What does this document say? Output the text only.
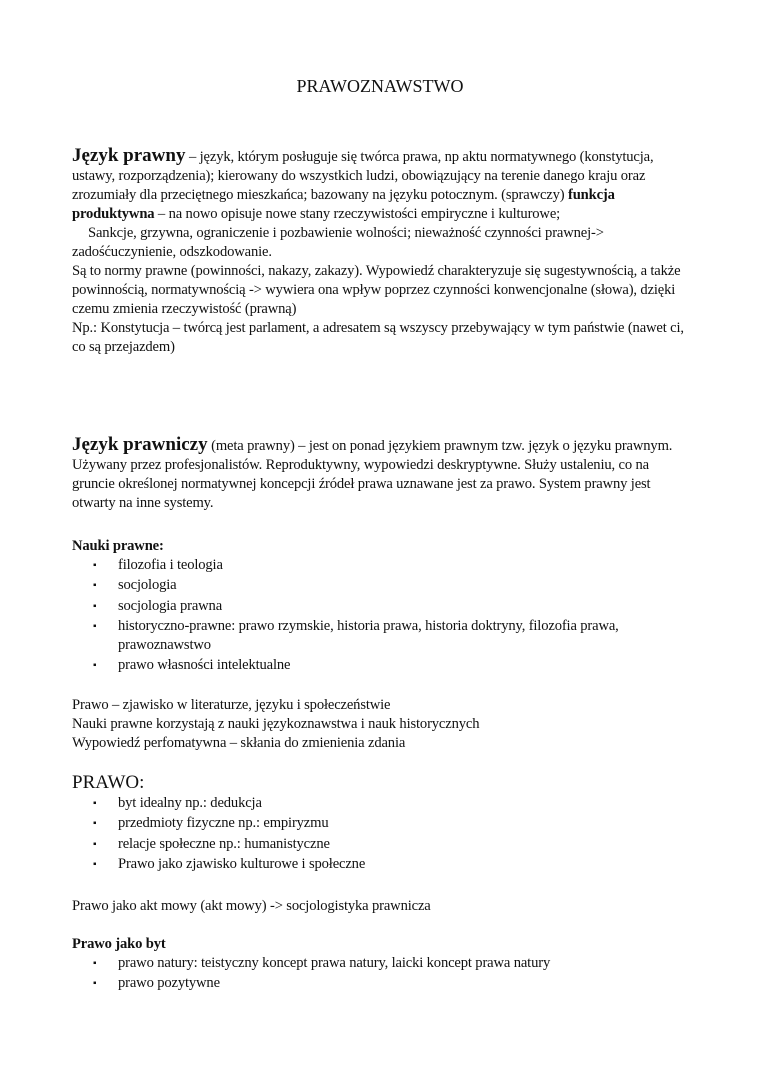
PRAWOZNAWSTWO

Język prawny – język, którym posługuje się twórca prawa, np aktu normatywnego (konstytucja, ustawy, rozporządzenia); kierowany do wszystkich ludzi, obowiązujący na terenie danego kraju oraz zrozumiały dla przeciętnego mieszkańca; bazowany na języku potocznym. (sprawczy) funkcja produktywna – na nowo opisuje nowe stany rzeczywistości empiryczne i kulturowe;

Sankcje, grzywna, ograniczenie i pozbawienie wolności; nieważność czynności prawnej-> zadośćuczynienie, odszkodowanie.

Są to normy prawne (powinności, nakazy, zakazy). Wypowiedź charakteryzuje się sugestywnością, a także powinnością, normatywnością -> wywiera ona wpływ poprzez czynności konwencjonalne (słowa), dzięki czemu zmienia rzeczywistość (prawną)

Np.: Konstytucja – twórcą jest parlament, a adresatem są wszyscy przebywający w tym państwie (nawet ci, co są przejazdem)

Język prawniczy (meta prawny) – jest on ponad językiem prawnym tzw. język o języku prawnym. Używany przez profesjonalistów. Reproduktywny, wypowiedzi deskryptywne. Służy ustaleniu, co na gruncie określonej normatywnej koncepcji źródeł prawa uznawane jest za prawo. System prawny jest otwarty na inne systemy.

Nauki prawne:
▪ filozofia i teologia
▪ socjologia
▪ socjologia prawna
▪ historyczno-prawne: prawo rzymskie, historia prawa, historia doktryny, filozofia prawa, prawoznawstwo
▪ prawo własności intelektualne

Prawo – zjawisko w literaturze, języku i społeczeństwie

Nauki prawne korzystają z nauki językoznawstwa i nauk historycznych

Wypowiedź perfomatywna – skłania do zmienienia zdania

PRAWO:
▪ byt idealny np.: dedukcja
▪ przedmioty fizyczne np.: empiryzmu
▪ relacje społeczne np.: humanistyczne
▪ Prawo jako zjawisko kulturowe i społeczne

Prawo jako akt mowy (akt mowy) -> socjologistyka prawnicza

Prawo jako byt
▪ prawo natury: teistyczny koncept prawa natury, laicki koncept prawa natury
▪ prawo pozytywne
